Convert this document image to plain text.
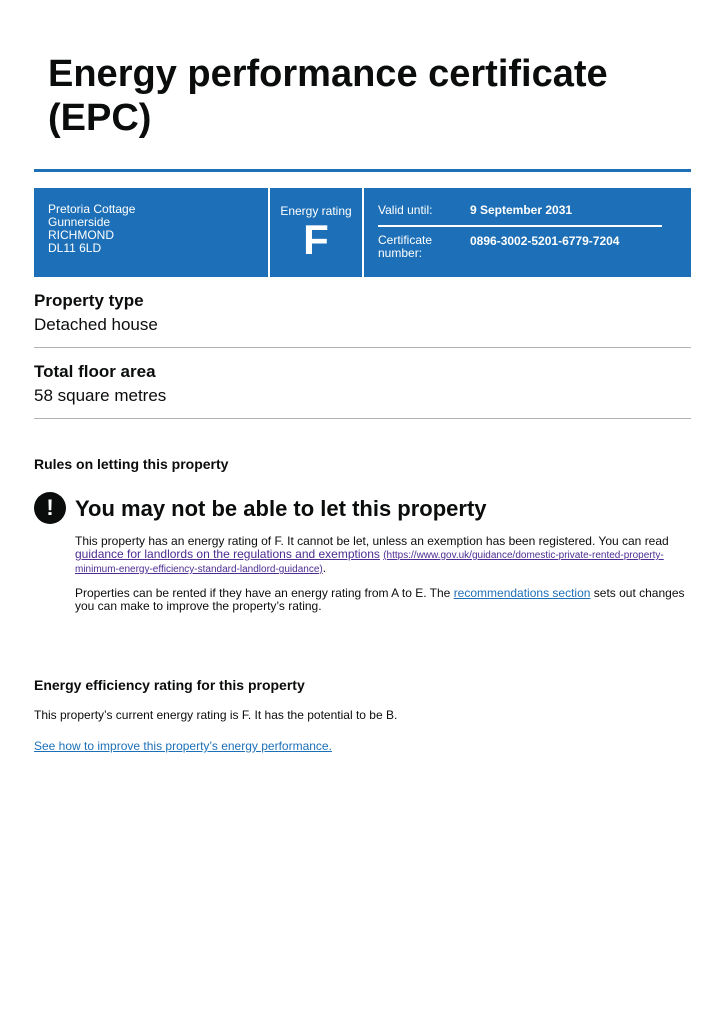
Energy performance certificate (EPC)
Pretoria Cottage
Gunnerside
RICHMOND
DL11 6LD
Energy rating
F
Valid until:	9 September 2031
Certificate number:
0896-3002-5201-6779-7204
Property type

Detached house

Total floor area

58 square metres

Rules on letting this property
! You may not be able to let this property

This property has an energy rating of F. It cannot be let, unless an exemption has been registered. You can read guidance for landlords on the regulations and exemptions (https://www.gov.uk/guidance/domestic-private-rented-property-minimum-energy-efficiency-standard-landlord-guidance).

Properties can be rented if they have an energy rating from A to E. The recommendations section sets out changes you can make to improve the property’s rating.

Energy efficiency rating for this property

This property’s current energy rating is F. It has the potential to be B.

See how to improve this property’s energy performance.
